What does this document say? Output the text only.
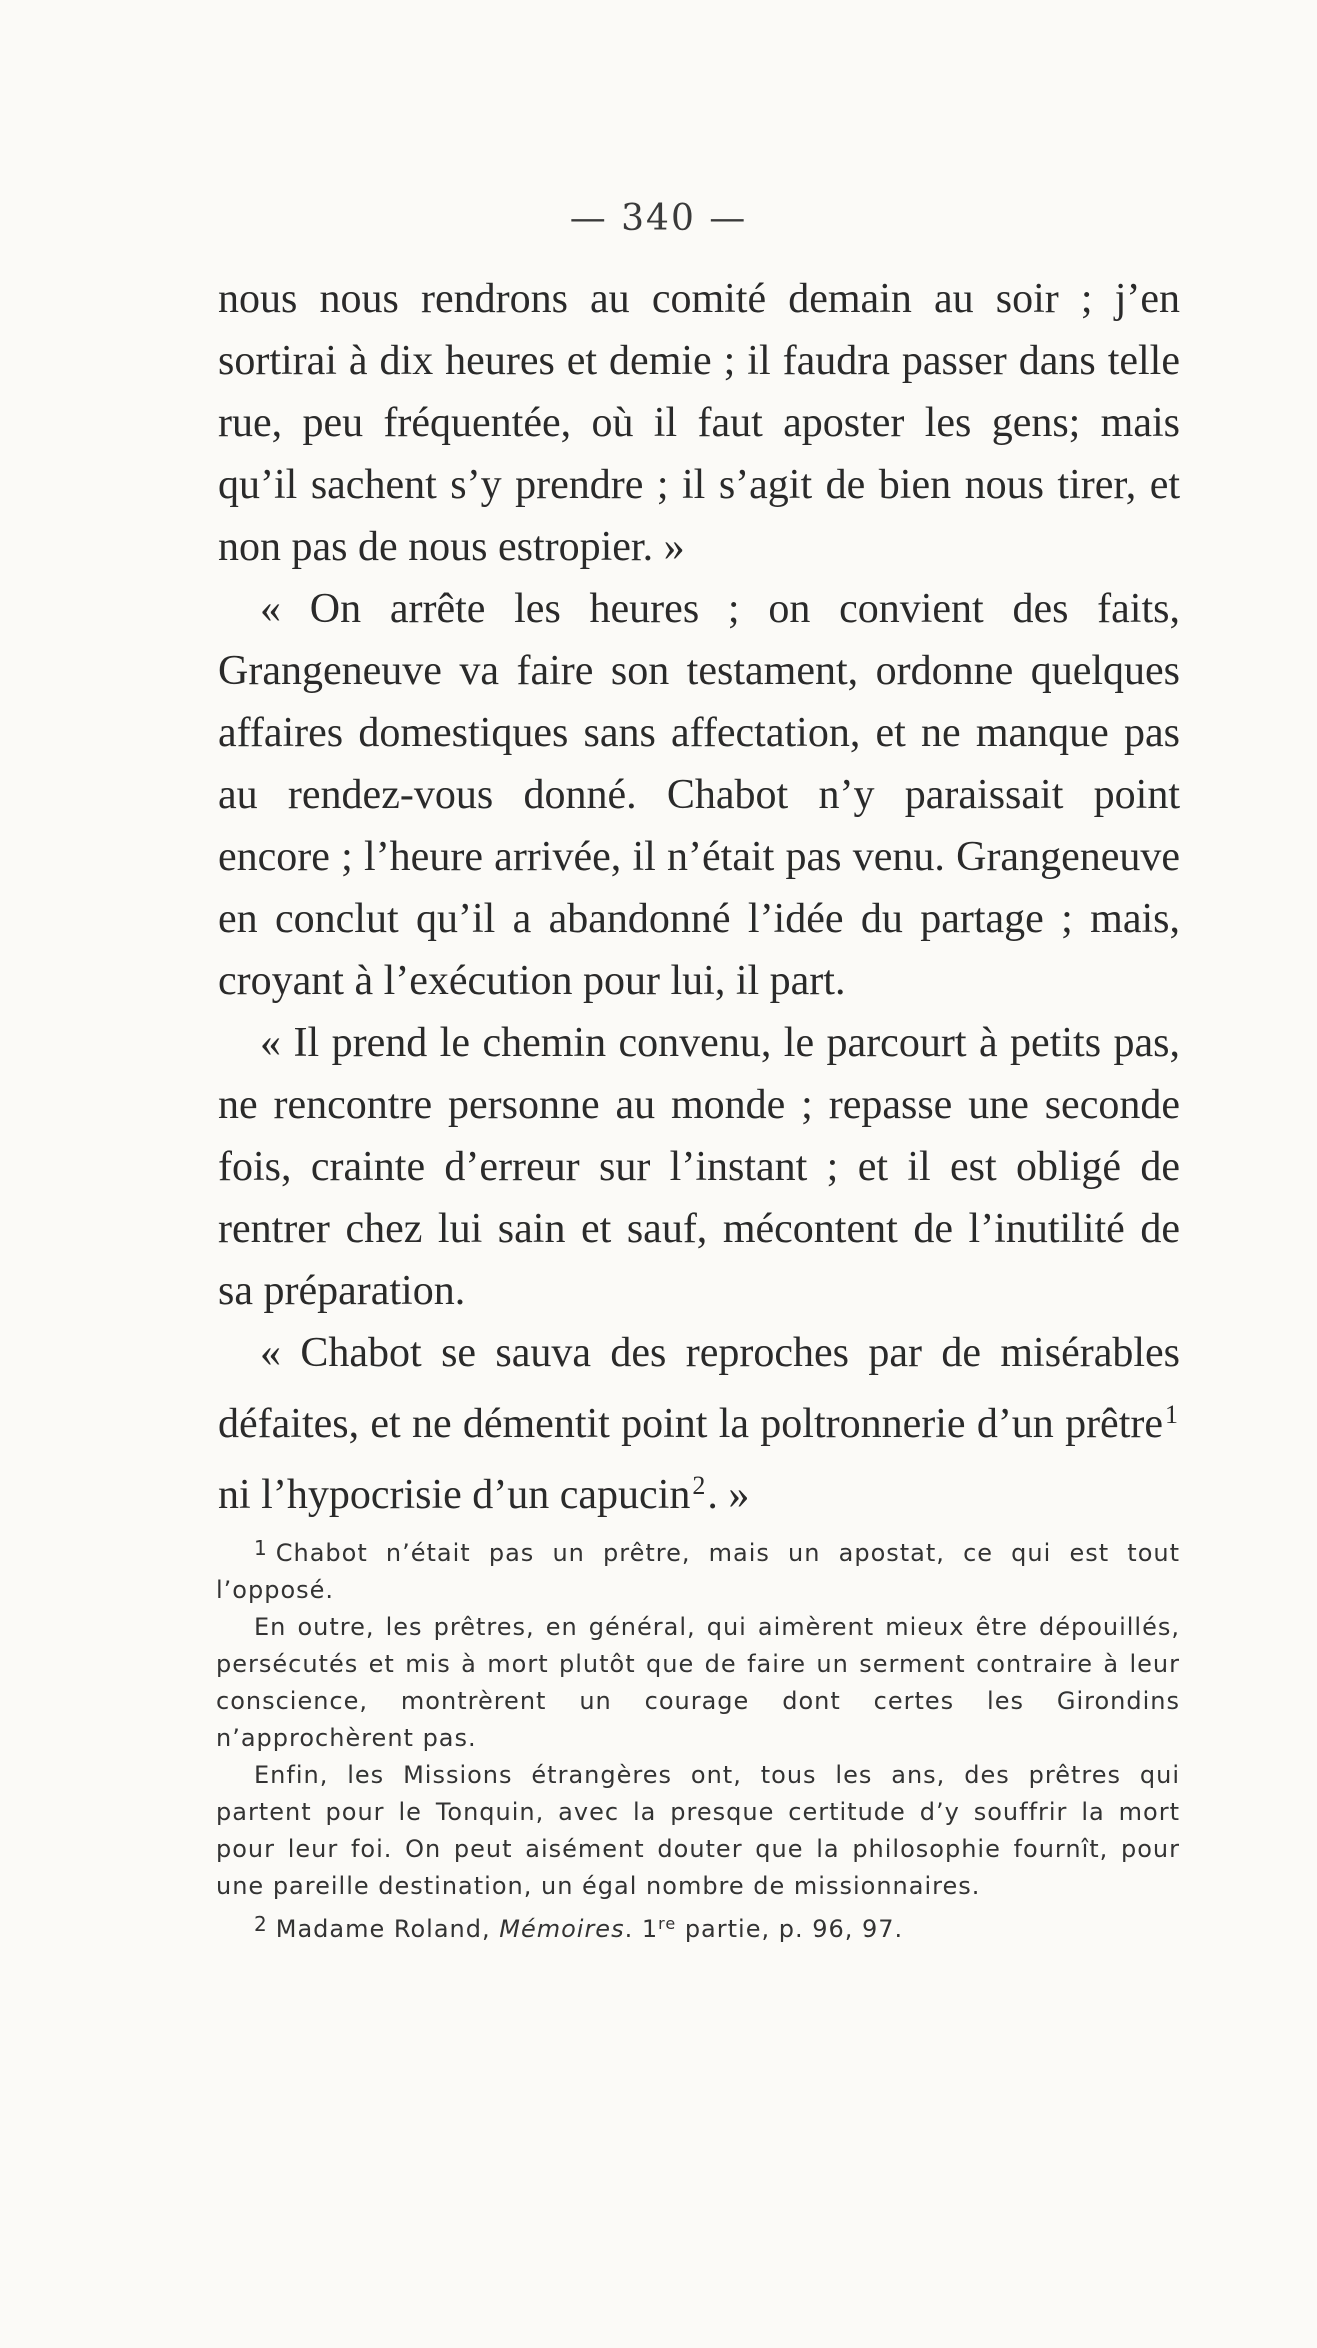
— 340 —

nous nous rendrons au comité demain au soir ; j’en sortirai à dix heures et demie ; il faudra passer dans telle rue, peu fréquentée, où il faut aposter les gens; mais qu’il sachent s’y prendre ; il s’agit de bien nous tirer, et non pas de nous estropier. »

« On arrête les heures ; on convient des faits, Grangeneuve va faire son testament, ordonne quelques affaires domestiques sans affectation, et ne manque pas au rendez-vous donné. Chabot n’y paraissait point encore ; l’heure arrivée, il n’était pas venu. Grangeneuve en conclut qu’il a abandonné l’idée du partage ; mais, croyant à l’exécution pour lui, il part.

« Il prend le chemin convenu, le parcourt à petits pas, ne rencontre personne au monde ; repasse une seconde fois, crainte d’erreur sur l’instant ; et il est obligé de rentrer chez lui sain et sauf, mécontent de l’inutilité de sa préparation.

« Chabot se sauva des reproches par de misérables défaites, et ne démentit point la poltronnerie d’un prêtre$^1$ ni l’hypocrisie d’un capucin$^2$. »

$^1$ Chabot n’était pas un prêtre, mais un apostat, ce qui est tout l’opposé.

En outre, les prêtres, en général, qui aimèrent mieux être dépouillés, persécutés et mis à mort plutôt que de faire un serment contraire à leur conscience, montrèrent un courage dont certes les Girondins n’approchèrent pas.

Enfin, les Missions étrangères ont, tous les ans, des prêtres qui partent pour le Tonquin, avec la presque certitude d’y souffrir la mort pour leur foi. On peut aisément douter que la philosophie fournît, pour une pareille destination, un égal nombre de missionnaires.

$^2$ Madame Roland, Mémoires. 1re partie, p. 96, 97.
